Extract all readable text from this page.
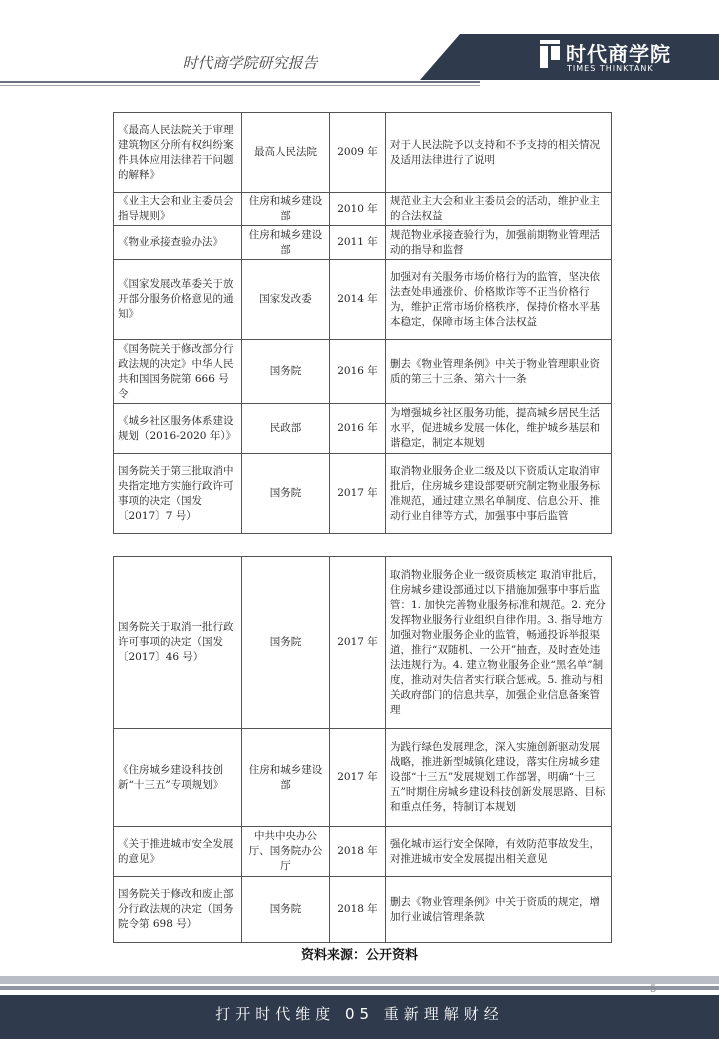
时代商学院研究报告	时代商学院
TIMES THINKTANK
《最高人民法院关于审理建筑物区分所有权纠纷案件具体应用法律若干问题的解释》	最高人民法院	2009 年	对于人民法院予以支持和不予支持的相关情况及适用法律进行了说明
《业主大会和业主委员会指导规则》	住房和城乡建设部	2010 年	规范业主大会和业主委员会的活动，维护业主的合法权益
《物业承接查验办法》	住房和城乡建设部	2011 年	规范物业承接查验行为，加强前期物业管理活动的指导和监督
《国家发展改革委关于放开部分服务价格意见的通知》	国家发改委	2014 年	加强对有关服务市场价格行为的监管，坚决依法查处串通涨价、价格欺诈等不正当价格行为，维护正常市场价格秩序，保持价格水平基本稳定，保障市场主体合法权益
《国务院关于修改部分行政法规的决定》中华人民共和国国务院第 666 号令	国务院	2016 年	删去《物业管理条例》中关于物业管理职业资质的第三十三条、第六十一条
《城乡社区服务体系建设规划（2016-2020 年）》	民政部	2016 年	为增强城乡社区服务功能，提高城乡居民生活水平，促进城乡发展一体化，维护城乡基层和谐稳定，制定本规划
国务院关于第三批取消中央指定地方实施行政许可事项的决定（国发〔2017〕7 号）	国务院	2017 年	取消物业服务企业二级及以下资质认定取消审批后，住房城乡建设部要研究制定物业服务标准规范，通过建立黑名单制度、信息公开、推动行业自律等方式，加强事中事后监管

国务院关于取消一批行政许可事项的决定（国发〔2017〕46 号）	国务院	2017 年	取消物业服务企业一级资质核定 取消审批后，住房城乡建设部通过以下措施加强事中事后监管：1. 加快完善物业服务标准和规范。2. 充分发挥物业服务行业组织自律作用。3. 指导地方加强对物业服务企业的监管，畅通投诉举报渠道，推行“双随机、一公开”抽查，及时查处违法违规行为。4. 建立物业服务企业“黑名单”制度，推动对失信者实行联合惩戒。5. 推动与相关政府部门的信息共享，加强企业信息备案管理
《住房城乡建设科技创新“十三五”专项规划》	住房和城乡建设部	2017 年	为践行绿色发展理念，深入实施创新驱动发展战略，推进新型城镇化建设，落实住房城乡建设部“十三五”发展规划工作部署，明确“十三五”时期住房城乡建设科技创新发展思路、目标和重点任务，特制订本规划
《关于推进城市安全发展的意见》	中共中央办公厅、国务院办公厅	2018 年	强化城市运行安全保障，有效防范事故发生，对推进城市安全发展提出相关意见
国务院关于修改和废止部分行政法规的决定（国务院令第 698 号）	国务院	2018 年	删去《物业管理条例》中关于资质的规定，增加行业诚信管理条款
资料来源：公开资料
5
打开时代维度 05 重新理解财经
